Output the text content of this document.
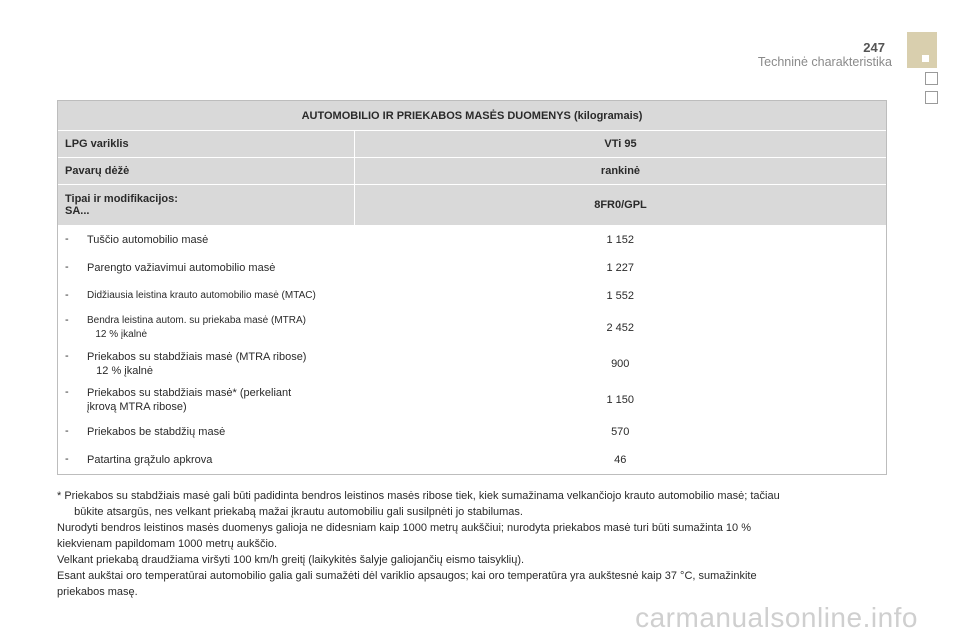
247
Techninė charakteristika
AUTOMOBILIO IR PRIEKABOS MASĖS DUOMENYS (kilogramais)	
LPG variklis	VTi 95
Pavarų dėžė	rankinė

Tipai ir modifikacijos:
SA...	8FR0/GPL

- Tuščio automobilio masė	1 152

- Parengto važiavimui automobilio masė	1 227

- Didžiausia leistina krauto automobilio masė (MTAC)	1 552

- Bendra leistina autom. su priekaba masė (MTRA)
12 % įkalnė	2 452

- Priekabos su stabdžiais masė (MTRA ribose)
12 % įkalnė	900

- Priekabos su stabdžiais masė* (perkeliant
įkrovą MTRA ribose)	1 150

- Priekabos be stabdžių masė	570

- Patartina grąžulo apkrova	46

* Priekabos su stabdžiais masė gali būti padidinta bendros leistinos masės ribose tiek, kiek sumažinama velkančiojo krauto automobilio masė; tačiau
būkite atsargūs, nes velkant priekabą mažai įkrautu automobiliu gali susilpnėti jo stabilumas.

Nurodyti bendros leistinos masės duomenys galioja ne didesniam kaip 1000 metrų aukščiui; nurodyta priekabos masė turi būti sumažinta 10 %
kiekvienam papildomam 1000 metrų aukščio.

Velkant priekabą draudžiama viršyti 100 km/h greitį (laikykitės šalyje galiojančių eismo taisyklių).

Esant aukštai oro temperatūrai automobilio galia gali sumažėti dėl variklio apsaugos; kai oro temperatūra yra aukštesnė kaip 37 °C, sumažinkite
priekabos masę.

carmanualsonline.info
